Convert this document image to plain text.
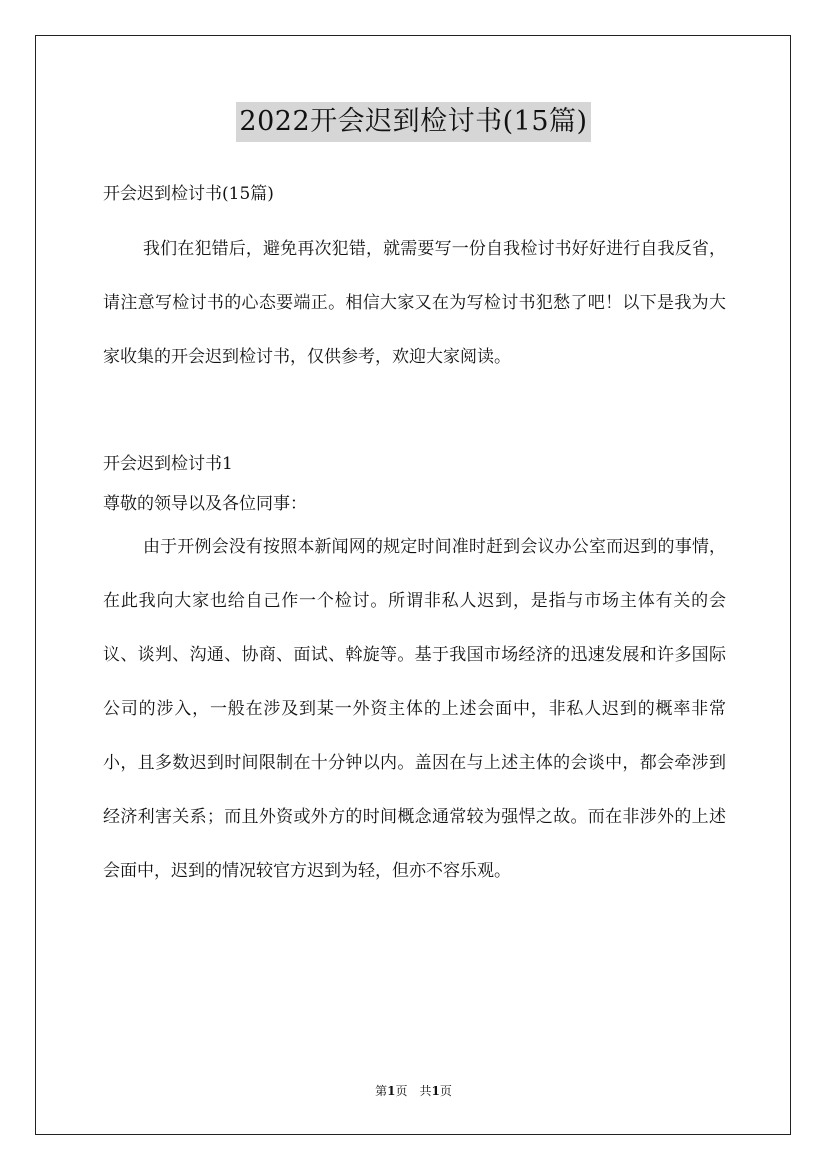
2022开会迟到检讨书(15篇)
开会迟到检讨书(15篇)
我们在犯错后，避免再次犯错，就需要写一份自我检讨书好好进行自我反省，请注意写检讨书的心态要端正。相信大家又在为写检讨书犯愁了吧！以下是我为大家收集的开会迟到检讨书，仅供参考，欢迎大家阅读。
开会迟到检讨书1
尊敬的领导以及各位同事：
由于开例会没有按照本新闻网的规定时间准时赶到会议办公室而迟到的事情，在此我向大家也给自己作一个检讨。所谓非私人迟到，是指与市场主体有关的会议、谈判、沟通、协商、面试、斡旋等。基于我国市场经济的迅速发展和许多国际公司的涉入，一般在涉及到某一外资主体的上述会面中，非私人迟到的概率非常小，且多数迟到时间限制在十分钟以内。盖因在与上述主体的会谈中，都会牵涉到经济利害关系；而且外资或外方的时间概念通常较为强悍之故。而在非涉外的上述会面中，迟到的情况较官方迟到为轻，但亦不容乐观。
第1页　共1页
